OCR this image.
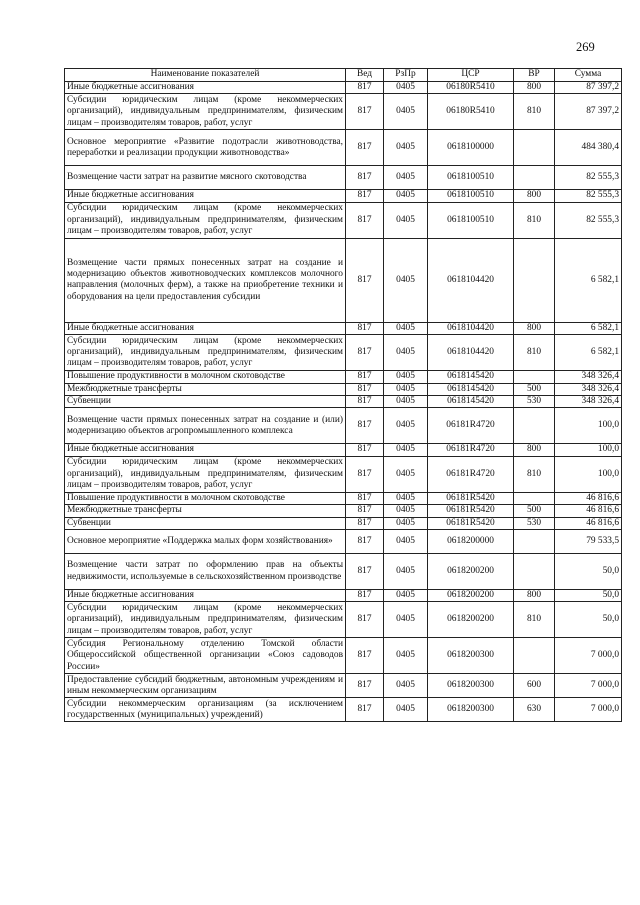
269
Наименование показателей	Вед	РзПр	ЦСР	ВР	Сумма
Иные бюджетные ассигнования	817	0405	06180R5410	800	87 397,2
Субсидии юридическим лицам (кроме некоммерческих организаций), индивидуальным предпринимателям, физическим лицам – производителям товаров, работ, услуг	817	0405	06180R5410	810	87 397,2
Основное мероприятие «Развитие подотрасли животноводства, переработки и реализации продукции животноводства»	817	0405	0618100000		484 380,4
Возмещение части затрат на развитие мясного скотоводства	817	0405	0618100510		82 555,3
Иные бюджетные ассигнования	817	0405	0618100510	800	82 555,3
Субсидии юридическим лицам (кроме некоммерческих организаций), индивидуальным предпринимателям, физическим лицам – производителям товаров, работ, услуг	817	0405	0618100510	810	82 555,3
Возмещение части прямых понесенных затрат на создание и модернизацию объектов животноводческих комплексов молочного направления (молочных ферм), а также на приобретение техники и оборудования на цели предоставления субсидии	817	0405	0618104420		6 582,1
Иные бюджетные ассигнования	817	0405	0618104420	800	6 582,1
Субсидии юридическим лицам (кроме некоммерческих организаций), индивидуальным предпринимателям, физическим лицам – производителям товаров, работ, услуг	817	0405	0618104420	810	6 582,1
Повышение продуктивности в молочном скотоводстве	817	0405	0618145420		348 326,4
Межбюджетные трансферты	817	0405	0618145420	500	348 326,4
Субвенции	817	0405	0618145420	530	348 326,4
Возмещение части прямых понесенных затрат на создание и (или) модернизацию объектов агропромышленного комплекса	817	0405	06181R4720		100,0
Иные бюджетные ассигнования	817	0405	06181R4720	800	100,0
Субсидии юридическим лицам (кроме некоммерческих организаций), индивидуальным предпринимателям, физическим лицам – производителям товаров, работ, услуг	817	0405	06181R4720	810	100,0
Повышение продуктивности в молочном скотоводстве	817	0405	06181R5420		46 816,6
Межбюджетные трансферты	817	0405	06181R5420	500	46 816,6
Субвенции	817	0405	06181R5420	530	46 816,6
Основное мероприятие «Поддержка малых форм хозяйствования»	817	0405	0618200000		79 533,5
Возмещение части затрат по оформлению прав на объекты недвижимости, используемые в сельскохозяйственном производстве	817	0405	0618200200		50,0
Иные бюджетные ассигнования	817	0405	0618200200	800	50,0
Субсидии юридическим лицам (кроме некоммерческих организаций), индивидуальным предпринимателям, физическим лицам – производителям товаров, работ, услуг	817	0405	0618200200	810	50,0
Субсидия Региональному отделению Томской области Общероссийской общественной организации «Союз садоводов России»	817	0405	0618200300		7 000,0
Предоставление субсидий бюджетным, автономным учреждениям и иным некоммерческим организациям	817	0405	0618200300	600	7 000,0
Субсидии некоммерческим организациям (за исключением государственных (муниципальных) учреждений)	817	0405	0618200300	630	7 000,0
